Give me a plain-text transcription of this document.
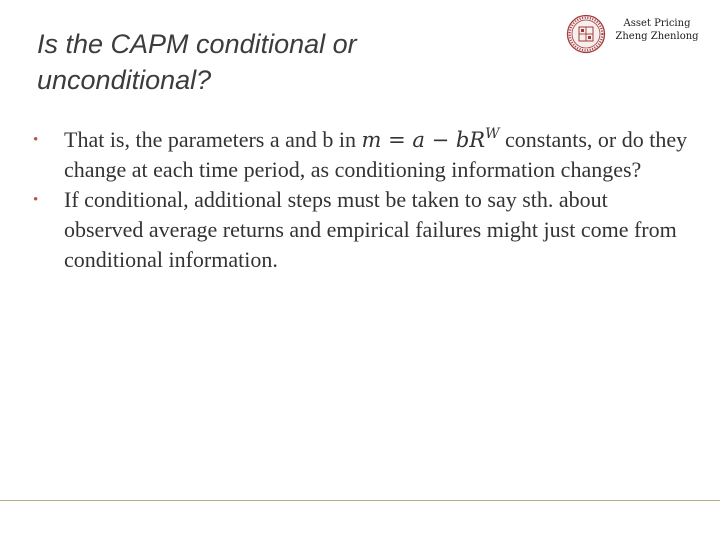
Is the CAPM conditional or
unconditional?
Asset Pricing
Zheng Zhenlong
•	That is, the parameters a and b in $m = a - bR^W$ constants, or do they change at each time period, as conditioning information changes?
•	If conditional, additional steps must be taken to say sth. about observed average returns and empirical failures might just come from conditional information.
